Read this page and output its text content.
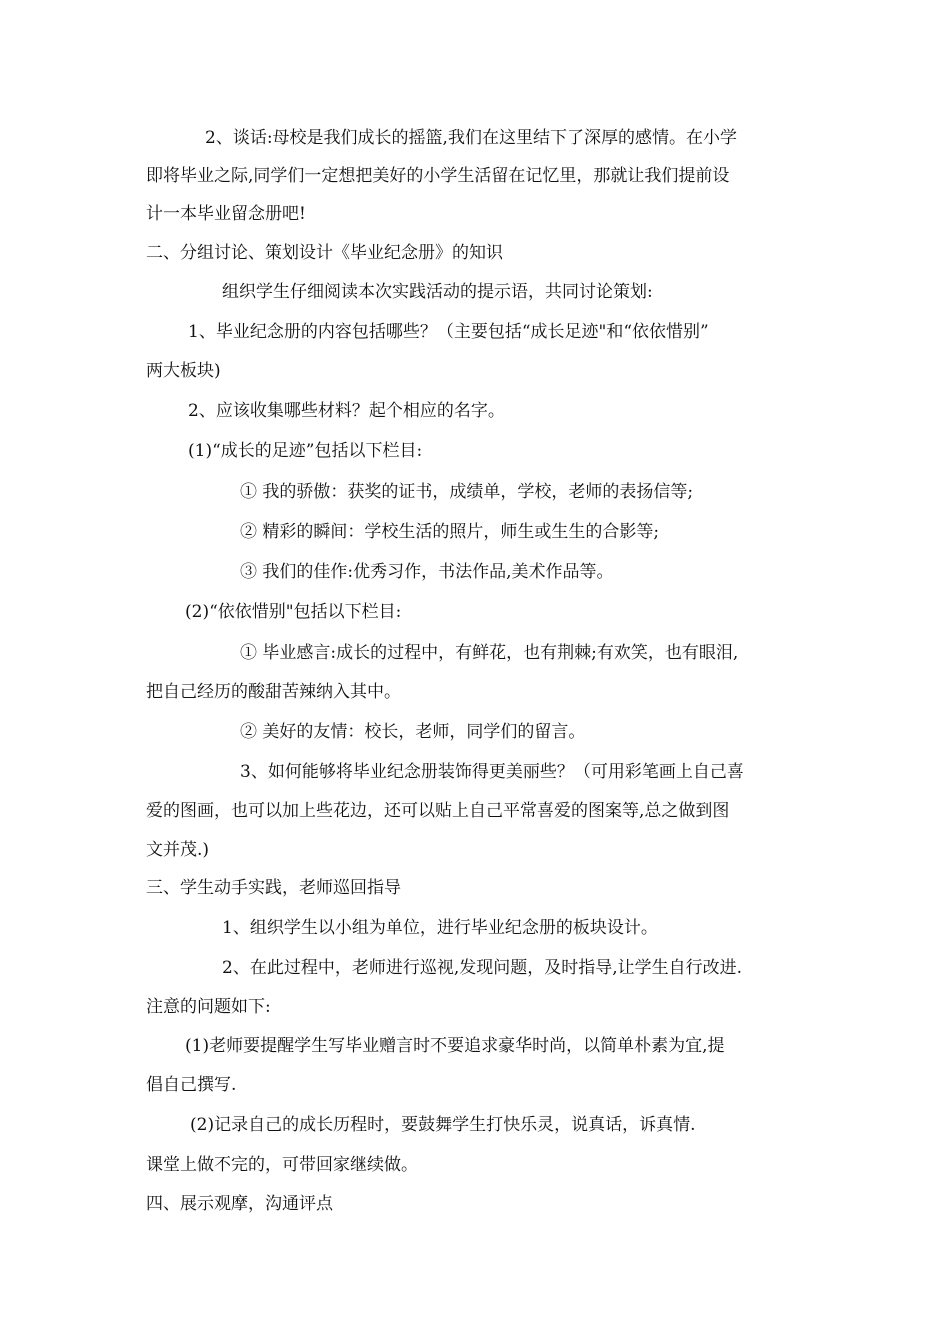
2、谈话:母校是我们成长的摇篮,我们在这里结下了深厚的感情。在小学
即将毕业之际,同学们一定想把美好的小学生活留在记忆里，那就让我们提前设
计一本毕业留念册吧!
二、分组讨论、策划设计《毕业纪念册》的知识
组织学生仔细阅读本次实践活动的提示语，共同讨论策划:
1、毕业纪念册的内容包括哪些？（主要包括“成长足迹"和“依依惜别”
两大板块)
2、应该收集哪些材料？起个相应的名字。
(1)“成长的足迹”包括以下栏目:
① 我的骄傲：获奖的证书，成绩单，学校，老师的表扬信等;
② 精彩的瞬间：学校生活的照片，师生或生生的合影等;
③ 我们的佳作:优秀习作，书法作品,美术作品等。
(2)“依依惜别"包括以下栏目:
① 毕业感言:成长的过程中，有鲜花，也有荆棘;有欢笑，也有眼泪,
把自己经历的酸甜苦辣纳入其中。
② 美好的友情：校长，老师，同学们的留言。
3、如何能够将毕业纪念册装饰得更美丽些？（可用彩笔画上自己喜
爱的图画，也可以加上些花边，还可以贴上自己平常喜爱的图案等,总之做到图
文并茂.)
三、学生动手实践，老师巡回指导
1、组织学生以小组为单位，进行毕业纪念册的板块设计。
2、在此过程中，老师进行巡视,发现问题，及时指导,让学生自行改进.
注意的问题如下:
(1)老师要提醒学生写毕业赠言时不要追求豪华时尚，以简单朴素为宜,提
倡自己撰写.
(2)记录自己的成长历程时，要鼓舞学生打快乐灵，说真话，诉真情.
课堂上做不完的，可带回家继续做。
四、展示观摩，沟通评点
